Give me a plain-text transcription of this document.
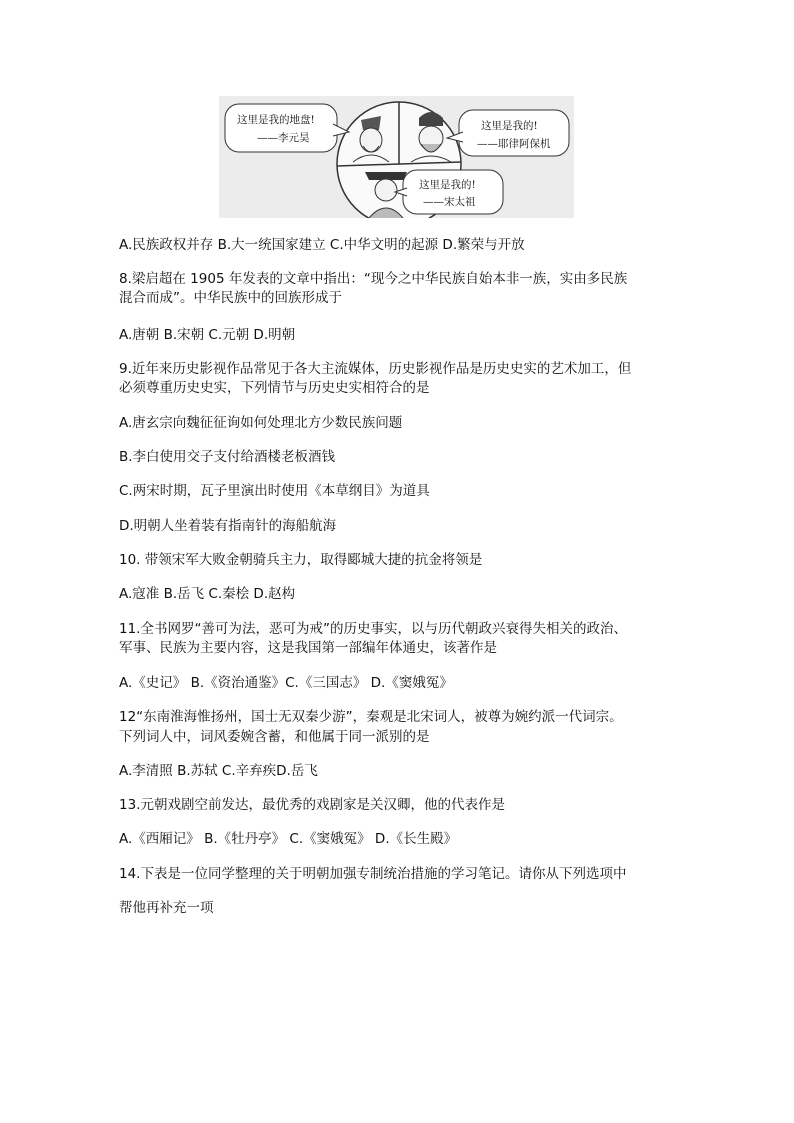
这里是我的地盘!
——李元昊
这里是我的!
——耶律阿保机
这里是我的!
——宋太祖
A.民族政权并存 B.大一统国家建立 C.中华文明的起源 D.繁荣与开放
8.梁启超在 1905 年发表的文章中指出：“现今之中华民族自始本非一族，实由多民族
混合而成”。中华民族中的回族形成于
A.唐朝 B.宋朝 C.元朝 D.明朝
9.近年来历史影视作品常见于各大主流媒体，历史影视作品是历史史实的艺术加工，但
必须尊重历史史实，下列情节与历史史实相符合的是
A.唐玄宗向魏征征询如何处理北方少数民族问题
B.李白使用交子支付给酒楼老板酒钱
C.两宋时期，瓦子里演出时使用《本草纲目》为道具
D.明朝人坐着装有指南针的海船航海
10. 带领宋军大败金朝骑兵主力，取得郾城大捷的抗金将领是
A.寇准 B.岳飞 C.秦桧 D.赵构
11.全书网罗“善可为法，恶可为戒”的历史事实，以与历代朝政兴衰得失相关的政治、
军事、民族为主要内容，这是我国第一部编年体通史，该著作是
A.《史记》 B.《资治通鉴》C.《三国志》 D.《窦娥冤》
12“东南淮海惟扬州，国士无双秦少游”，秦观是北宋词人，被尊为婉约派一代词宗。
下列词人中，词风委婉含蓄，和他属于同一派别的是
A.李清照 B.苏轼 C.辛弃疾D.岳飞
13.元朝戏剧空前发达，最优秀的戏剧家是关汉卿，他的代表作是
A.《西厢记》 B.《牡丹亭》 C.《窦娥冤》 D.《长生殿》
14.下表是一位同学整理的关于明朝加强专制统治措施的学习笔记。请你从下列选项中
帮他再补充一项
